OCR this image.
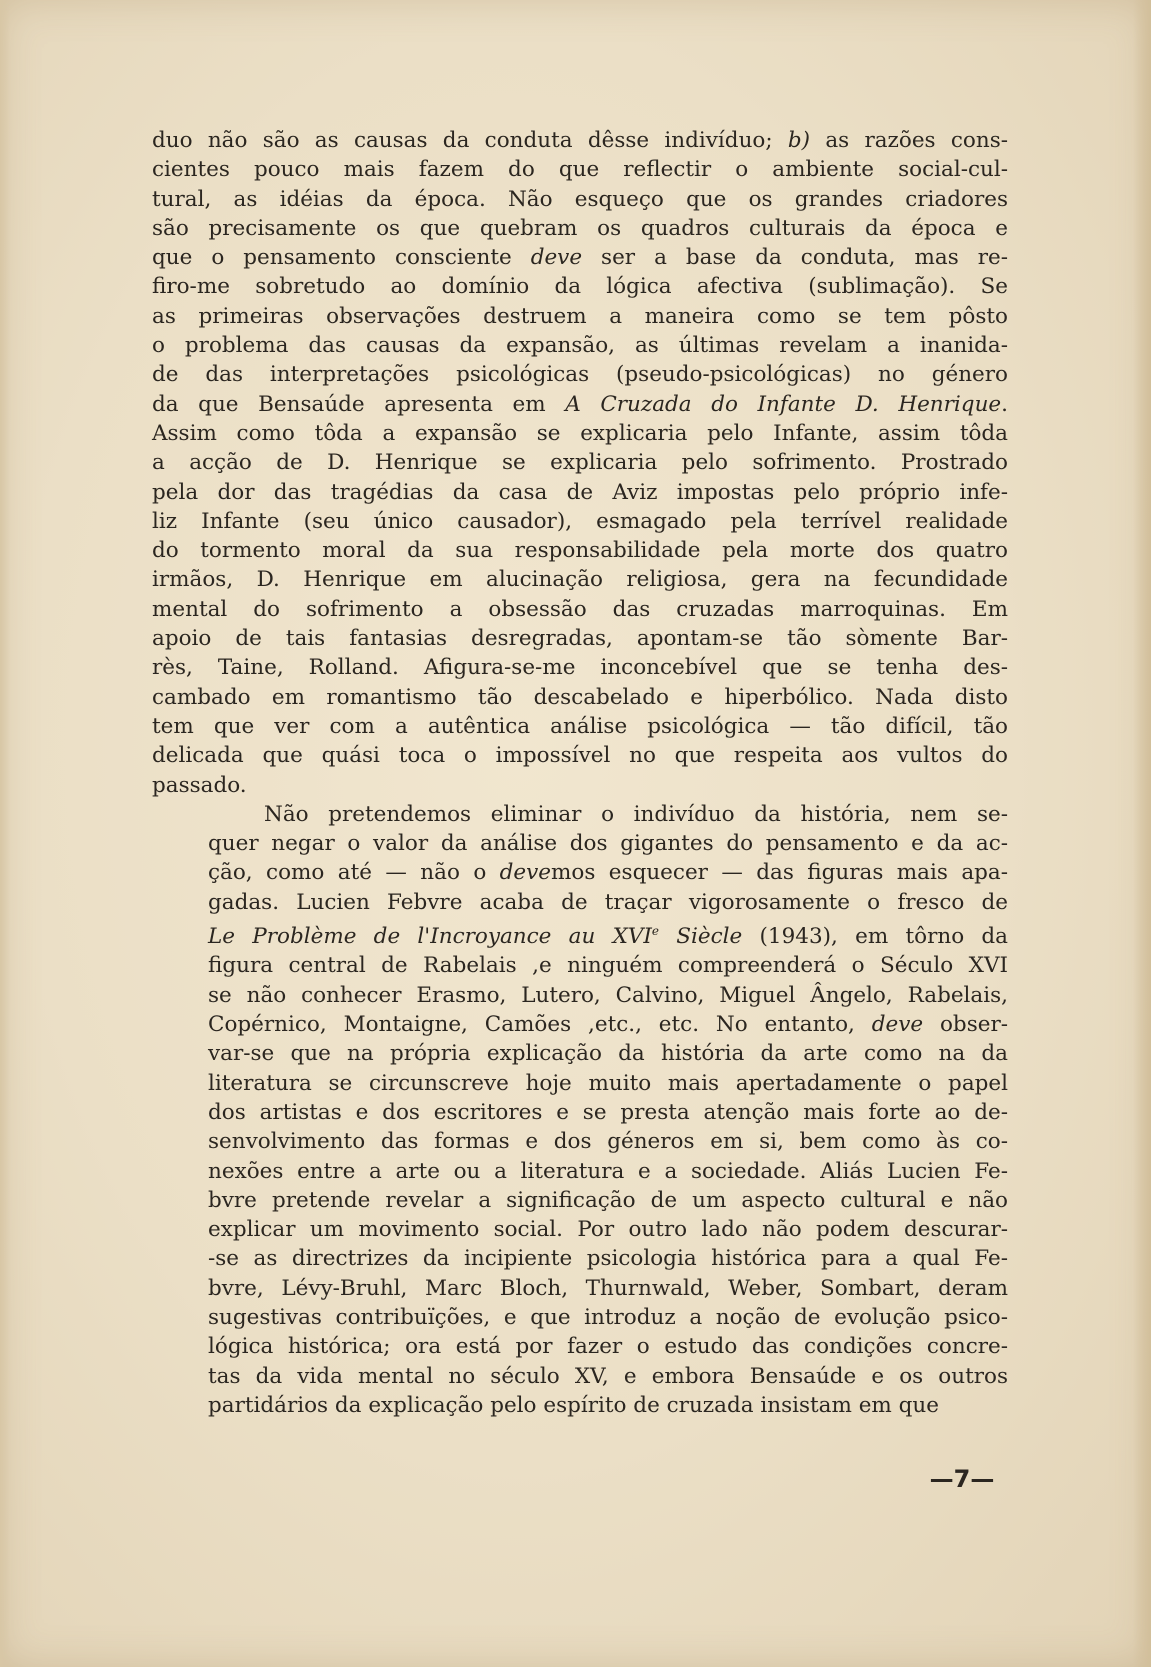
duo não são as causas da conduta dêsse indivíduo; b) as razões cons-
cientes pouco mais fazem do que reflectir o ambiente social-cul-
tural, as idéias da época. Não esqueço que os grandes criadores
são precisamente os que quebram os quadros culturais da época e
que o pensamento consciente deve ser a base da conduta, mas re-
firo-me sobretudo ao domínio da lógica afectiva (sublimação). Se
as primeiras observações destruem a maneira como se tem pôsto
o problema das causas da expansão, as últimas revelam a inanida-
de das interpretações psicológicas (pseudo-psicológicas) no género
da que Bensaúde apresenta em A Cruzada do Infante D. Henrique.
Assim como tôda a expansão se explicaria pelo Infante, assim tôda
a acção de D. Henrique se explicaria pelo sofrimento. Prostrado
pela dor das tragédias da casa de Aviz impostas pelo próprio infe-
liz Infante (seu único causador), esmagado pela terrível realidade
do tormento moral da sua responsabilidade pela morte dos quatro
irmãos, D. Henrique em alucinação religiosa, gera na fecundidade
mental do sofrimento a obsessão das cruzadas marroquinas. Em
apoio de tais fantasias desregradas, apontam-se tão sòmente Bar-
rès, Taine, Rolland. Afigura-se-me inconcebível que se tenha des-
cambado em romantismo tão descabelado e hiperbólico. Nada disto
tem que ver com a autêntica análise psicológica — tão difícil, tão
delicada que quási toca o impossível no que respeita aos vultos do
passado.
Não pretendemos eliminar o indivíduo da história, nem se-
quer negar o valor da análise dos gigantes do pensamento e da ac-
ção, como até — não o devemos esquecer — das figuras mais apa-
gadas. Lucien Febvre acaba de traçar vigorosamente o fresco de
Le Problème de l'Incroyance au XVIe Siècle (1943), em tôrno da
figura central de Rabelais ,e ninguém compreenderá o Século XVI
se não conhecer Erasmo, Lutero, Calvino, Miguel Ângelo, Rabelais,
Copérnico, Montaigne, Camões ,etc., etc. No entanto, deve obser-
var-se que na própria explicação da história da arte como na da
literatura se circunscreve hoje muito mais apertadamente o papel
dos artistas e dos escritores e se presta atenção mais forte ao de-
senvolvimento das formas e dos géneros em si, bem como às co-
nexões entre a arte ou a literatura e a sociedade. Aliás Lucien Fe-
bvre pretende revelar a significação de um aspecto cultural e não
explicar um movimento social. Por outro lado não podem descurar-
-se as directrizes da incipiente psicologia histórica para a qual Fe-
bvre, Lévy-Bruhl, Marc Bloch, Thurnwald, Weber, Sombart, deram
sugestivas contribuïções, e que introduz a noção de evolução psico-
lógica histórica; ora está por fazer o estudo das condições concre-
tas da vida mental no século XV, e embora Bensaúde e os outros
partidários da explicação pelo espírito de cruzada insistam em que
—7—
